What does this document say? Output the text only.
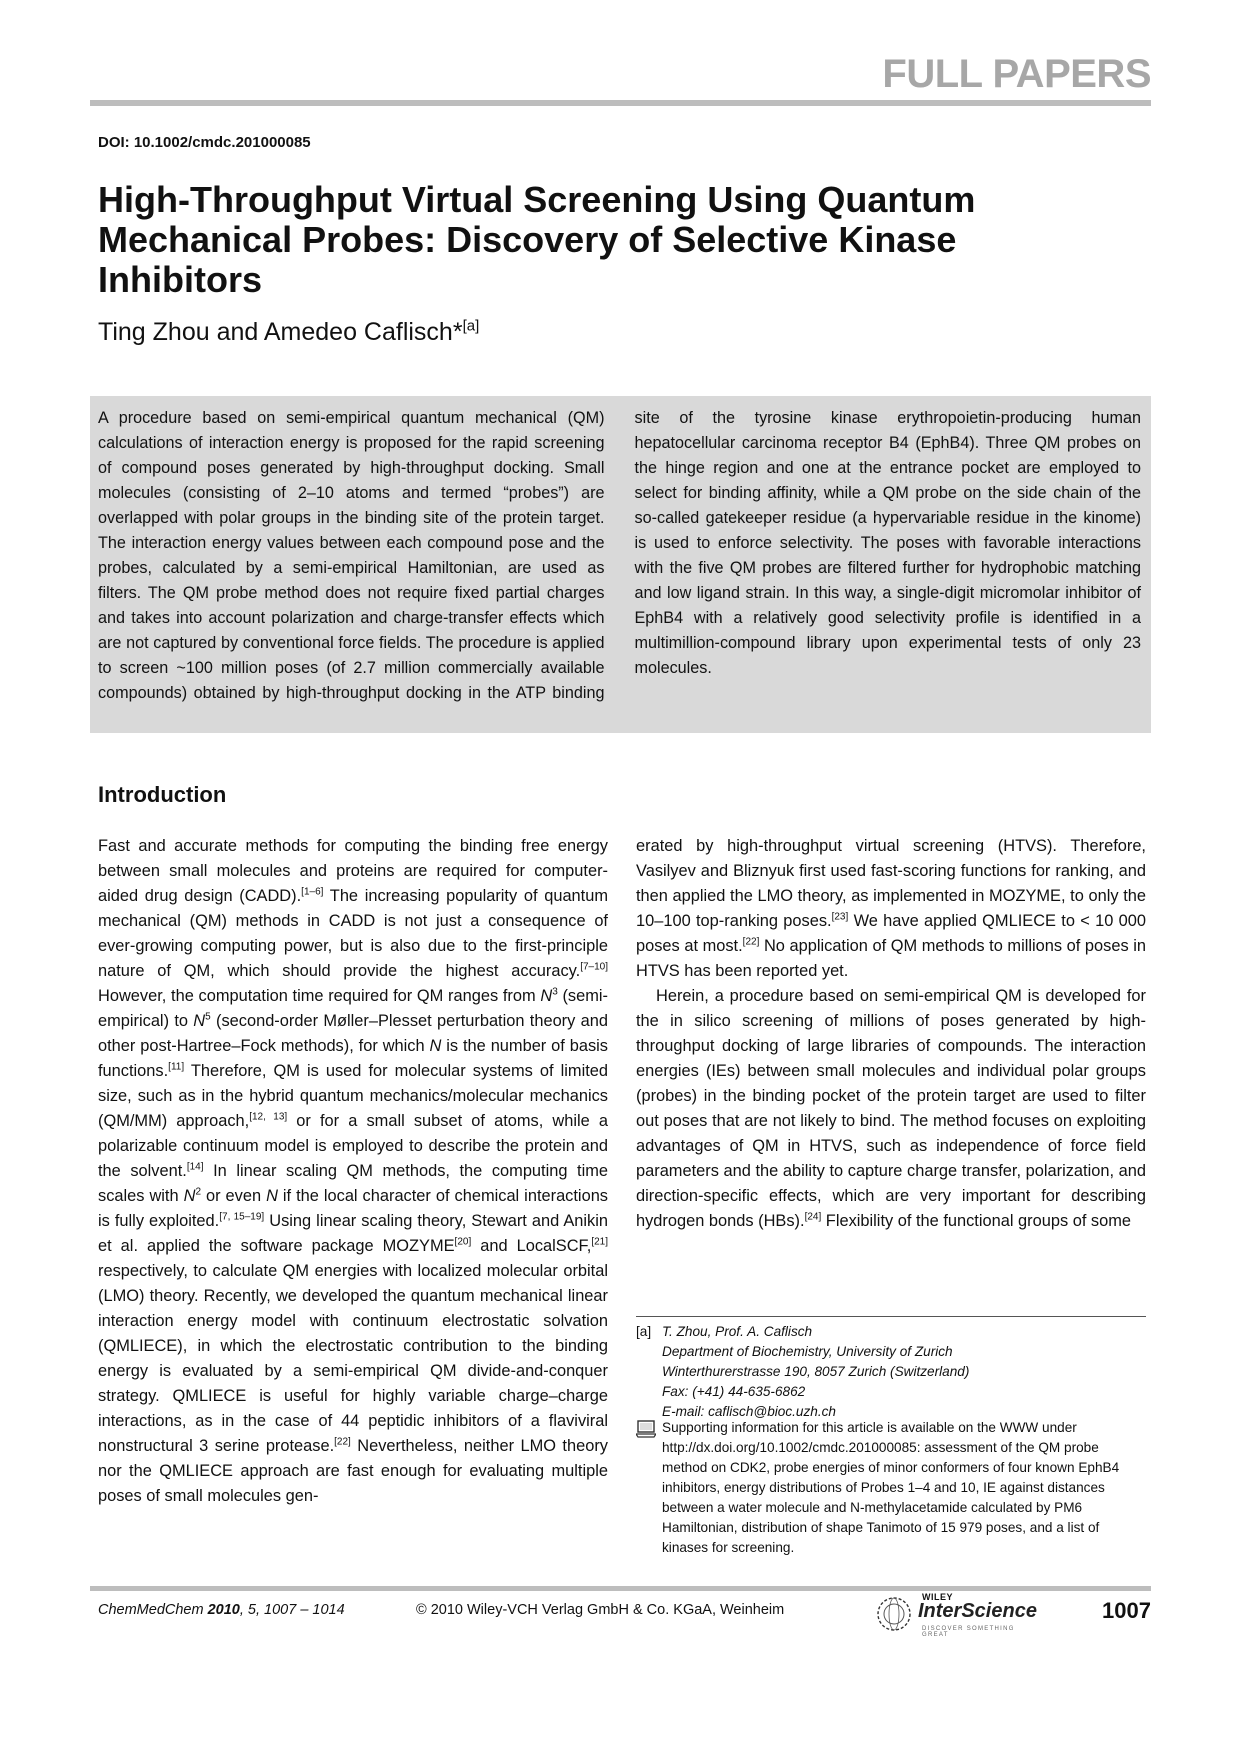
FULL PAPERS
DOI: 10.1002/cmdc.201000085
High-Throughput Virtual Screening Using Quantum
Mechanical Probes: Discovery of Selective Kinase
Inhibitors
Ting Zhou and Amedeo Caflisch*[a]
A procedure based on semi-empirical quantum mechanical (QM) calculations of interaction energy is proposed for the rapid screening of compound poses generated by high-throughput docking. Small molecules (consisting of 2–10 atoms and termed “probes”) are overlapped with polar groups in the binding site of the protein target. The interaction energy values between each compound pose and the probes, calculated by a semi-empirical Hamiltonian, are used as filters. The QM probe method does not require fixed partial charges and takes into account polarization and charge-transfer effects which are not captured by conventional force fields. The procedure is applied to screen ~100 million poses (of 2.7 million commercially available compounds) obtained by high-throughput docking in the ATP binding site of the tyrosine kinase erythropoietin-producing human hepatocellular carcinoma receptor B4 (EphB4). Three QM probes on the hinge region and one at the entrance pocket are employed to select for binding affinity, while a QM probe on the side chain of the so-called gatekeeper residue (a hypervariable residue in the kinome) is used to enforce selectivity. The poses with favorable interactions with the five QM probes are filtered further for hydrophobic matching and low ligand strain. In this way, a single-digit micromolar inhibitor of EphB4 with a relatively good selectivity profile is identified in a multimillion-compound library upon experimental tests of only 23 molecules.
Introduction

Fast and accurate methods for computing the binding free energy between small molecules and proteins are required for computer-aided drug design (CADD).[1–6] The increasing popularity of quantum mechanical (QM) methods in CADD is not just a consequence of ever-growing computing power, but is also due to the first-principle nature of QM, which should provide the highest accuracy.[7–10] However, the computation time required for QM ranges from $N^3$ (semi-empirical) to $N^5$ (second-order Møller–Plesset perturbation theory and other post-Hartree–Fock methods), for which N is the number of basis functions.[11] Therefore, QM is used for molecular systems of limited size, such as in the hybrid quantum mechanics/molecular mechanics (QM/MM) approach,[12, 13] or for a small subset of atoms, while a polarizable continuum model is employed to describe the protein and the solvent.[14] In linear scaling QM methods, the computing time scales with $N^2$ or even N if the local character of chemical interactions is fully exploited.[7, 15–19] Using linear scaling theory, Stewart and Anikin et al. applied the software package MOZYME[20] and LocalSCF,[21] respectively, to calculate QM energies with localized molecular orbital (LMO) theory. Recently, we developed the quantum mechanical linear interaction energy model with continuum electrostatic solvation (QMLIECE), in which the electrostatic contribution to the binding energy is evaluated by a semi-empirical QM divide-and-conquer strategy. QMLIECE is useful for highly variable charge–charge interactions, as in the case of 44 peptidic inhibitors of a flaviviral nonstructural 3 serine protease.[22] Nevertheless, neither LMO theory nor the QMLIECE approach are fast enough for evaluating multiple poses of small molecules gen-

erated by high-throughput virtual screening (HTVS). Therefore, Vasilyev and Bliznyuk first used fast-scoring functions for ranking, and then applied the LMO theory, as implemented in MOZYME, to only the 10–100 top-ranking poses.[23] We have applied QMLIECE to < 10 000 poses at most.[22] No application of QM methods to millions of poses in HTVS has been reported yet.

Herein, a procedure based on semi-empirical QM is developed for the in silico screening of millions of poses generated by high-throughput docking of large libraries of compounds. The interaction energies (IEs) between small molecules and individual polar groups (probes) in the binding pocket of the protein target are used to filter out poses that are not likely to bind. The method focuses on exploiting advantages of QM in HTVS, such as independence of force field parameters and the ability to capture charge transfer, polarization, and direction-specific effects, which are very important for describing hydrogen bonds (HBs).[24] Flexibility of the functional groups of some

[a] T. Zhou, Prof. A. Caflisch
Department of Biochemistry, University of Zurich
Winterthurerstrasse 190, 8057 Zurich (Switzerland)
Fax: (+41) 44-635-6862
E-mail: caflisch@bioc.uzh.ch
Supporting information for this article is available on the WWW under http://dx.doi.org/10.1002/cmdc.201000085: assessment of the QM probe method on CDK2, probe energies of minor conformers of four known EphB4 inhibitors, energy distributions of Probes 1–4 and 10, IE against distances between a water molecule and N-methylacetamide calculated by PM6 Hamiltonian, distribution of shape Tanimoto of 15 979 poses, and a list of kinases for screening.
ChemMedChem 2010, 5, 1007 – 1014	© 2010 Wiley-VCH Verlag GmbH & Co. KGaA, Weinheim
WILEY
InterScience
DISCOVER SOMETHING GREAT
1007
